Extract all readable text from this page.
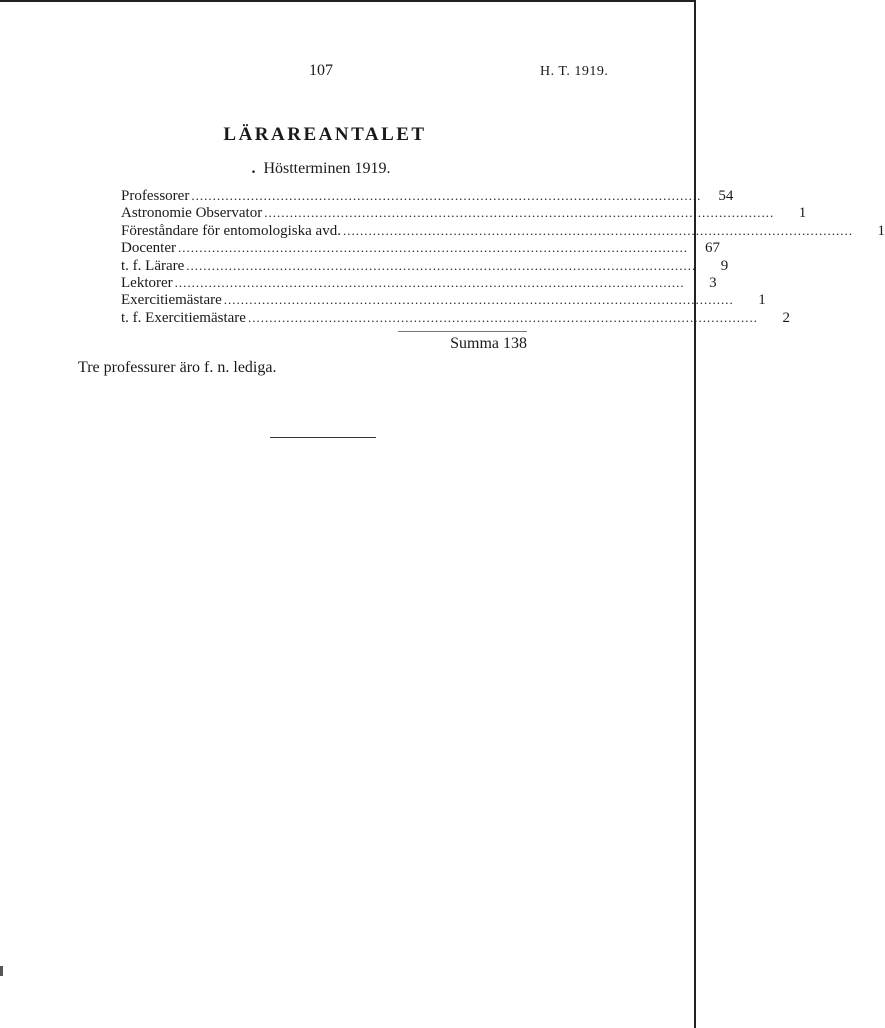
107	H. T. 1919.
LÄRAREANTALET
. Höstterminen 1919.
Professorer ........................................................................................................................	54
Astronomie Observator ........................................................................................................................	1
Föreståndare för entomologiska avd. ........................................................................................................................	1
Docenter ........................................................................................................................	67
t. f. Lärare ........................................................................................................................	9
Lektorer ........................................................................................................................	3
Exercitiemästare ........................................................................................................................	1
t. f. Exercitiemästare ........................................................................................................................	2
Summa 138
Tre professurer äro f. n. lediga.
